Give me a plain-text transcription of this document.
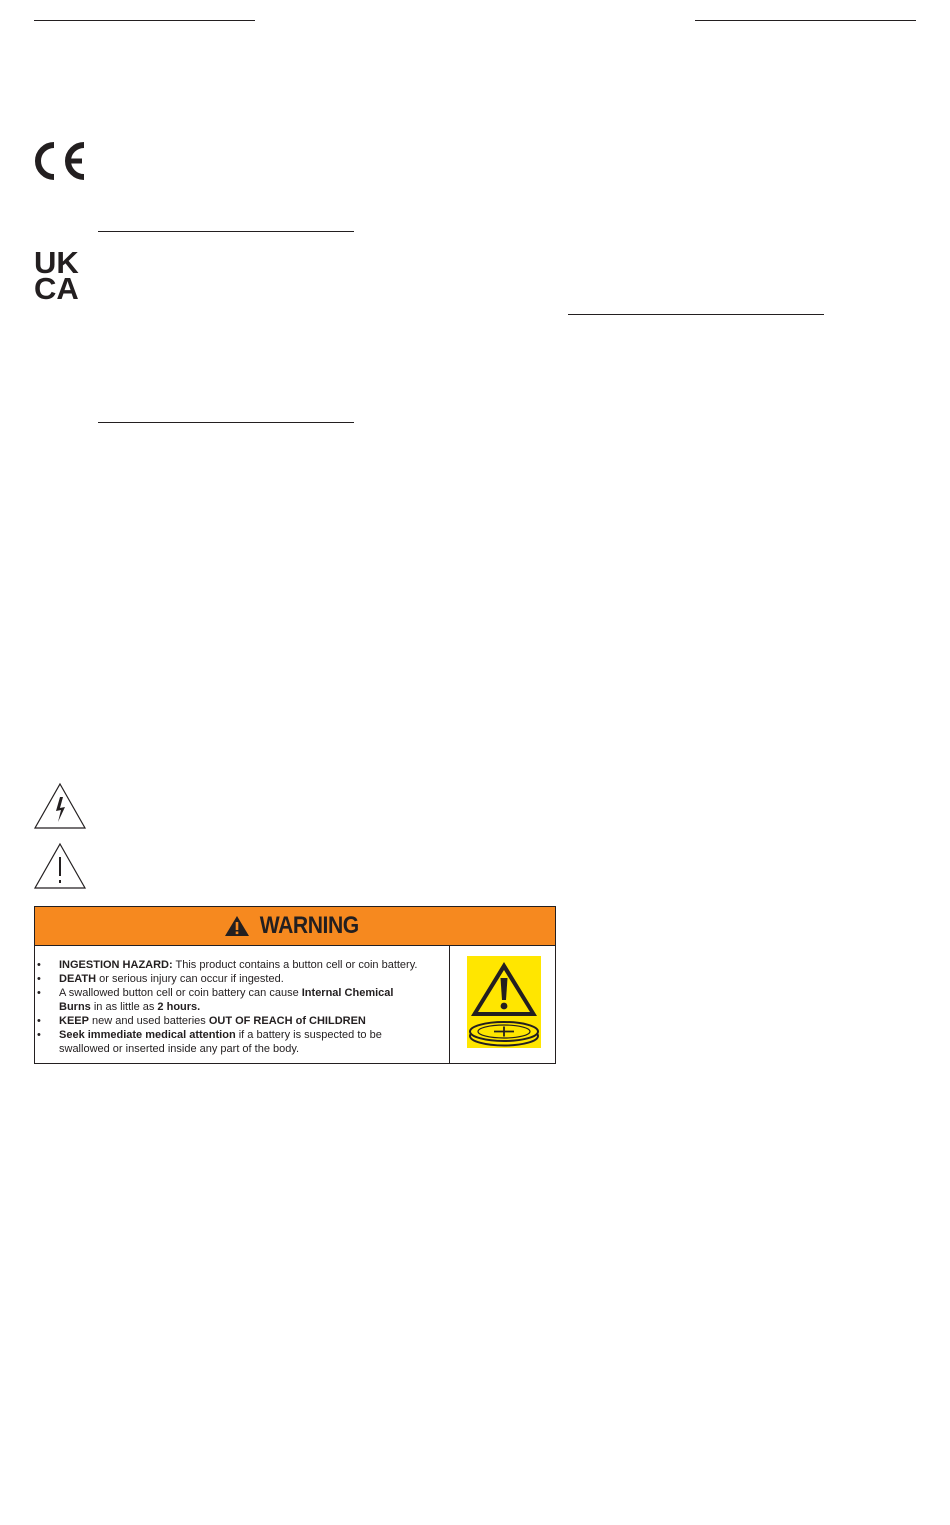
UK
CA
WARNING
• INGESTION HAZARD: This product contains a button cell or coin battery.
• DEATH or serious injury can occur if ingested.
• A swallowed button cell or coin battery can cause Internal Chemical
Burns in as little as 2 hours.
• KEEP new and used batteries OUT OF REACH of CHILDREN
• Seek immediate medical attention if a battery is suspected to be
swallowed or inserted inside any part of the body.
